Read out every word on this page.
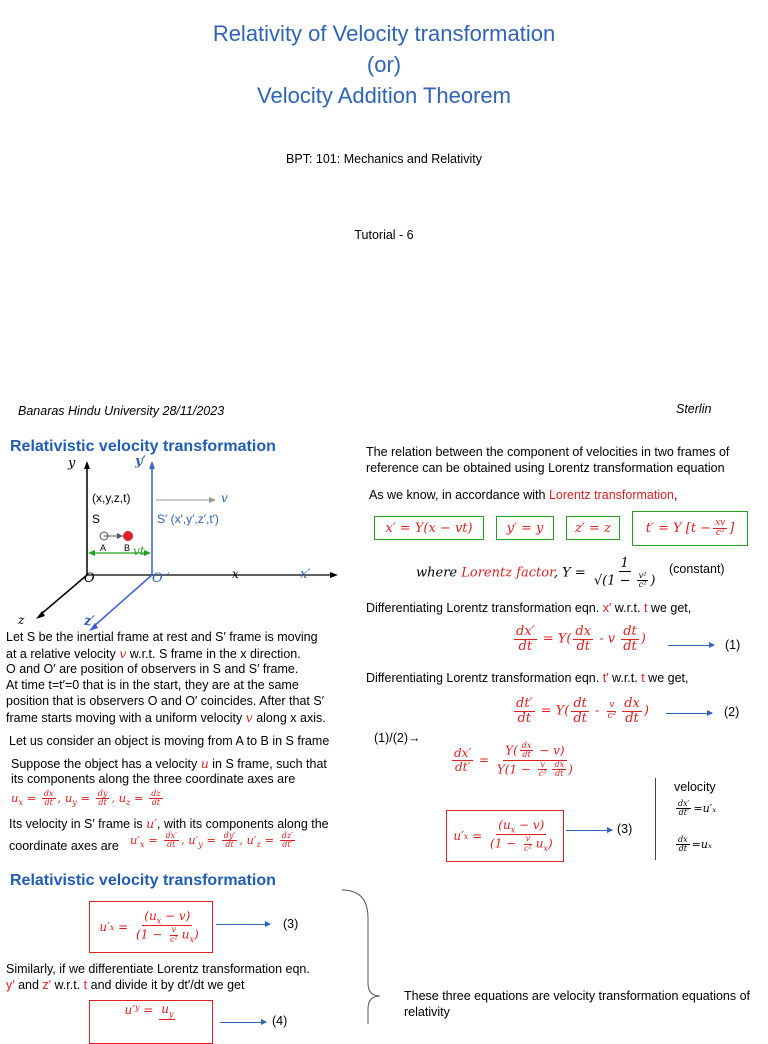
Relativity of Velocity transformation
(or)
Velocity Addition Theorem
BPT: 101: Mechanics and Relativity
Tutorial - 6
Banaras Hindu University 28/11/2023	Sterlin
Relativistic velocity transformation
y	y′
(x,y,z,t)
S	S′ (x′,y′,z′,t′)
v
A B vt
O	O ′	x	x′
z	z′
Let S be the inertial frame at rest and S′ frame is moving
at a relative velocity v w.r.t. S frame in the x direction.
O and O′ are position of observers in S and S′ frame.
At time t=t′=0 that is in the start, they are at the same
position that is observers O and O′ coincides. After that S′
frame starts moving with a uniform velocity v along x axis.
Let us consider an object is moving from A to B in S frame
Suppose the object has a velocity u in S frame, such that
its components along the three coordinate axes are
$u_x = \frac{dx}{dt}$ , $u_y = \frac{dy}{dt}$ , $u_z = \frac{dz}{dt}$
Its velocity in S′ frame is u′, with its components along the
coordinate axes are $u'_x = \frac{dx'}{dt}$ , $u'_y = \frac{dy'}{dt}$ , $u'_z = \frac{dz'}{dt'}$
The relation between the component of velocities in two frames of reference can be obtained using Lorentz transformation equation
As we know, in accordance with Lorentz transformation,
x′ = Υ(x − vt)	y′ = y	z′ = z	t′ = Υ [$t - \frac{xv}{\text{c²}}$ ]
where Lorentz factor, $\Upsilon = \frac{1}{√(1 - \frac{\text{v²}}{\text{c²}} )}$ (constant)
Differentiating Lorentz transformation eqn. x′ w.r.t. t we get,
$\frac{dx'}{dt} = \Upsilon( \frac{dx}{dt} - v \frac{dt}{dt}$ )	(1)
Differentiating Lorentz transformation eqn. t′ w.r.t. t we get,
$\frac{dt'}{dt} = \Upsilon( \frac{dt}{dt} - \frac{v}{\text{c²}} \frac{dx}{dt}$ )	(2)
(1)/(2)→
$\frac{dx'}{dt'} = \frac{\Upsilon( \frac{dx}{dt} - v)}{\Upsilon(1 - \frac{v}{\text{c²}} \frac{dx}{dt} )}$
u′ $x = \frac{(u_x - v)}{(1 - \frac{v}{\text{c²}} u_x)}$	(3)
velocity
$\frac{dx'}{dt'} =u'_x$
$\frac{dx}{dt} =u_x$
Relativistic velocity transformation
u′ $x = \frac{(u_x - v)}{(1 - \frac{v}{\text{c²}} u_x)}$	(3)
Similarly, if we differentiate Lorentz transformation eqn.
y′ and z′ w.r.t. t and divide it by dt′/dt we get
u′ $y = u_y$

(4)
These three equations are velocity transformation equations of relativity
